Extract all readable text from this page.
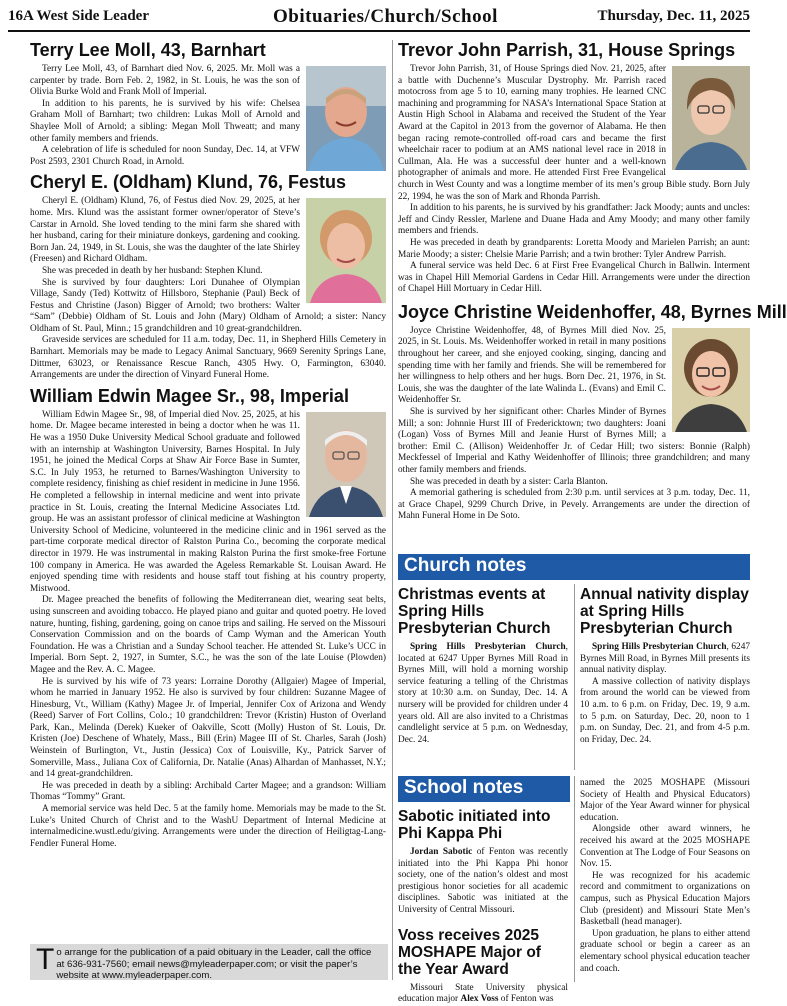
16A West Side Leader	Obituaries/Church/School	Thursday, Dec. 11, 2025
Terry Lee Moll, 43, Barnhart

Terry Lee Moll, 43, of Barnhart died Nov. 6, 2025. Mr. Moll was a carpenter by trade. Born Feb. 2, 1982, in St. Louis, he was the son of Olivia Burke Wold and Frank Moll of Imperial.

In addition to his parents, he is survived by his wife: Chelsea Graham Moll of Barnhart; two children: Lukas Moll of Arnold and Shaylee Moll of Arnold; a sibling: Megan Moll Thweatt; and many other family members and friends.

A celebration of life is scheduled for noon Sunday, Dec. 14, at VFW Post 2593, 2301 Church Road, in Arnold.

Cheryl E. (Oldham) Klund, 76, Festus

Cheryl E. (Oldham) Klund, 76, of Festus died Nov. 29, 2025, at her home. Mrs. Klund was the assistant former owner/operator of Steve’s Carstar in Arnold. She loved tending to the mini farm she shared with her husband, caring for their miniature donkeys, gardening and cooking. Born Jan. 24, 1949, in St. Louis, she was the daughter of the late Shirley (Freesen) and Richard Oldham.

She was preceded in death by her husband: Stephen Klund.

She is survived by four daughters: Lori Dunahee of Olympian Village, Sandy (Ted) Kottwitz of Hillsboro, Stephanie (Paul) Beck of Festus and Christine (Jason) Bigger of Arnold; two brothers: Walter “Sam” (Debbie) Oldham of St. Louis and John (Mary) Oldham of Arnold; a sister: Nancy Oldham of St. Paul, Minn.; 15 grandchildren and 10 great-grandchildren.

Graveside services are scheduled for 11 a.m. today, Dec. 11, in Shepherd Hills Cemetery in Barnhart. Memorials may be made to Legacy Animal Sanctuary, 9669 Serenity Springs Lane, Dittmer, 63023, or Renaissance Rescue Ranch, 4305 Hwy. O, Farmington, 63040. Arrangements are under the direction of Vinyard Funeral Home.

William Edwin Magee Sr., 98, Imperial

William Edwin Magee Sr., 98, of Imperial died Nov. 25, 2025, at his home. Dr. Magee became interested in being a doctor when he was 11. He was a 1950 Duke University Medical School graduate and followed with an internship at Washington University, Barnes Hospital. In July 1951, he joined the Medical Corps at Shaw Air Force Base in Sumter, S.C. In July 1953, he returned to Barnes/Washington University to complete residency, finishing as chief resident in medicine in June 1956. He completed a fellowship in internal medicine and went into private practice in St. Louis, creating the Internal Medicine Associates Ltd. group. He was an assistant professor of clinical medicine at Washington University School of Medicine, volunteered in the medicine clinic and in 1961 served as the part-time corporate medical director of Ralston Purina Co., becoming the corporate medical director in 1979. He was instrumental in making Ralston Purina the first smoke-free Fortune 100 company in America. He was awarded the Ageless Remarkable St. Louisan Award. He enjoyed spending time with residents and house staff tout fishing at his country property, Mistwood.

Dr. Magee preached the benefits of following the Mediterranean diet, wearing seat belts, using sunscreen and avoiding tobacco. He played piano and guitar and quoted poetry. He loved nature, hunting, fishing, gardening, going on canoe trips and sailing. He served on the Missouri Conservation Commission and on the boards of Camp Wyman and the American Youth Foundation. He was a Christian and a Sunday School teacher. He attended St. Luke’s UCC in Imperial. Born Sept. 2, 1927, in Sumter, S.C., he was the son of the late Louise (Plowden) Magee and the Rev. A. C. Magee.

He is survived by his wife of 73 years: Lorraine Dorothy (Allgaier) Magee of Imperial, whom he married in January 1952. He also is survived by four children: Suzanne Magee of Hinesburg, Vt., William (Kathy) Magee Jr. of Imperial, Jennifer Cox of Arizona and Wendy (Reed) Sarver of Fort Collins, Colo.; 10 grandchildren: Trevor (Kristin) Huston of Overland Park, Kan., Melinda (Derek) Kueker of Oakville, Scott (Molly) Huston of St. Louis, Dr. Kristen (Joe) Deschene of Whately, Mass., Bill (Erin) Magee III of St. Charles, Sarah (Josh) Weinstein of Burlington, Vt., Justin (Jessica) Cox of Louisville, Ky., Patrick Sarver of Somerville, Mass., Juliana Cox of California, Dr. Natalie (Anas) Alhardan of Manhasset, N.Y.; and 14 great-grandchildren.

He was preceded in death by a sibling: Archibald Carter Magee; and a grandson: William Thomas “Tommy” Grant.

A memorial service was held Dec. 5 at the family home. Memorials may be made to the St. Luke’s United Church of Christ and to the WashU Department of Internal Medicine at internalmedicine.wustl.edu/giving. Arrangements were under the direction of Heiligtag-Lang-Fendler Funeral Home.

T o arrange for the publication of a paid obituary in the Leader, call the office at 636-931-7560; email news@myleaderpaper.com; or visit the paper’s website at www.myleaderpaper.com.
Trevor John Parrish, 31, House Springs

Trevor John Parrish, 31, of House Springs died Nov. 21, 2025, after a battle with Duchenne’s Muscular Dystrophy. Mr. Parrish raced motocross from age 5 to 10, earning many trophies. He learned CNC machining and programming for NASA’s International Space Station at Austin High School in Alabama and received the Student of the Year Award at the Capitol in 2013 from the governor of Alabama. He then began racing remote-controlled off-road cars and became the first wheelchair racer to podium at an AMS national level race in 2018 in Cullman, Ala. He was a successful deer hunter and a well-known photographer of animals and more. He attended First Free Evangelical church in West County and was a longtime member of its men’s group Bible study. Born July 22, 1994, he was the son of Mark and Rhonda Parrish.

In addition to his parents, he is survived by his grandfather: Jack Moody; aunts and uncles: Jeff and Cindy Ressler, Marlene and Duane Hada and Amy Moody; and many other family members and friends.

He was preceded in death by grandparents: Loretta Moody and Marielen Parrish; an aunt: Marie Moody; a sister: Chelsie Marie Parrish; and a twin brother: Tyler Andrew Parrish.

A funeral service was held Dec. 6 at First Free Evangelical Church in Ballwin. Interment was in Chapel Hill Memorial Gardens in Cedar Hill. Arrangements were under the direction of Chapel Hill Mortuary in Cedar Hill.

Joyce Christine Weidenhoffer, 48, Byrnes Mill

Joyce Christine Weidenhoffer, 48, of Byrnes Mill died Nov. 25, 2025, in St. Louis. Ms. Weidenhoffer worked in retail in many positions throughout her career, and she enjoyed cooking, singing, dancing and spending time with her family and friends. She will be remembered for her willingness to help others and her hugs. Born Dec. 21, 1976, in St. Louis, she was the daughter of the late Walinda L. (Evans) and Emil C. Weidenhoffer Sr.

She is survived by her significant other: Charles Minder of Byrnes Mill; a son: Johnnie Hurst III of Fredericktown; two daughters: Joani (Logan) Voss of Byrnes Mill and Jeanie Hurst of Byrnes Mill; a brother: Emil C. (Allison) Weidenhoffer Jr. of Cedar Hill; two sisters: Bonnie (Ralph) Meckfessel of Imperial and Kathy Weidenhoffer of Illinois; three grandchildren; and many other family members and friends.

She was preceded in death by a sister: Carla Blanton.

A memorial gathering is scheduled from 2:30 p.m. until services at 3 p.m. today, Dec. 11, at Grace Chapel, 9299 Church Drive, in Pevely. Arrangements are under the direction of Mahn Funeral Home in De Soto.

Church notes
Christmas events at Spring Hills Presbyterian Church

Spring Hills Presbyterian Church, located at 6247 Upper Byrnes Mill Road in Byrnes Mill, will hold a morning worship service featuring a telling of the Christmas story at 10:30 a.m. on Sunday, Dec. 14. A nursery will be provided for children under 4 years old. All are also invited to a Christmas candlelight service at 5 p.m. on Wednesday, Dec. 24.

Annual nativity display at Spring Hills Presbyterian Church

Spring Hills Presbyterian Church, 6247 Byrnes Mill Road, in Byrnes Mill presents its annual nativity display.

A massive collection of nativity displays from around the world can be viewed from 10 a.m. to 6 p.m. on Friday, Dec. 19, 9 a.m. to 5 p.m. on Saturday, Dec. 20, noon to 1 p.m. on Sunday, Dec. 21, and from 4-5 p.m. on Friday, Dec. 24.

School notes
Sabotic initiated into Phi Kappa Phi

Jordan Sabotic of Fenton was recently initiated into the Phi Kappa Phi honor society, one of the nation’s oldest and most prestigious honor societies for all academic disciplines. Sabotic was initiated at the University of Central Missouri.

Voss receives 2025 MOSHAPE Major of the Year Award

Missouri State University physical education major Alex Voss of Fenton was

named the 2025 MOSHAPE (Missouri Society of Health and Physical Educators) Major of the Year Award winner for physical education.

Alongside other award winners, he received his award at the 2025 MOSHAPE Convention at The Lodge of Four Seasons on Nov. 15.

He was recognized for his academic record and commitment to organizations on campus, such as Physical Education Majors Club (president) and Missouri State Men’s Basketball (head manager).

Upon graduation, he plans to either attend graduate school or begin a career as an elementary school physical education teacher and coach.
